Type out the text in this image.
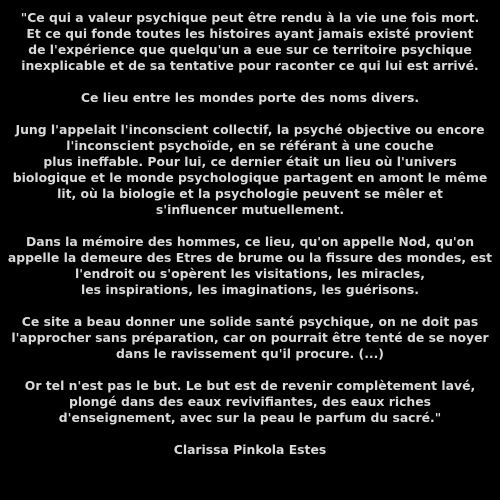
"Ce qui a valeur psychique peut être rendu à la vie une fois mort.
Et ce qui fonde toutes les histoires ayant jamais existé provient
de l'expérience que quelqu'un a eue sur ce territoire psychique
inexplicable et de sa tentative pour raconter ce qui lui est arrivé.
Ce lieu entre les mondes porte des noms divers.
Jung l'appelait l'inconscient collectif, la psyché objective ou encore
l'inconscient psychoïde, en se référant à une couche
plus ineffable. Pour lui, ce dernier était un lieu où l'univers
biologique et le monde psychologique partagent en amont le même
lit, où la biologie et la psychologie peuvent se mêler et
s'influencer mutuellement.
Dans la mémoire des hommes, ce lieu, qu'on appelle Nod, qu'on
appelle la demeure des Etres de brume ou la fissure des mondes, est
l'endroit ou s'opèrent les visitations, les miracles,
les inspirations, les imaginations, les guérisons.
Ce site a beau donner une solide santé psychique, on ne doit pas
l'approcher sans préparation, car on pourrait être tenté de se noyer
dans le ravissement qu'il procure. (...)
Or tel n'est pas le but. Le but est de revenir complètement lavé,
plongé dans des eaux revivifiantes, des eaux riches
d'enseignement, avec sur la peau le parfum du sacré."
Clarissa Pinkola Estes
